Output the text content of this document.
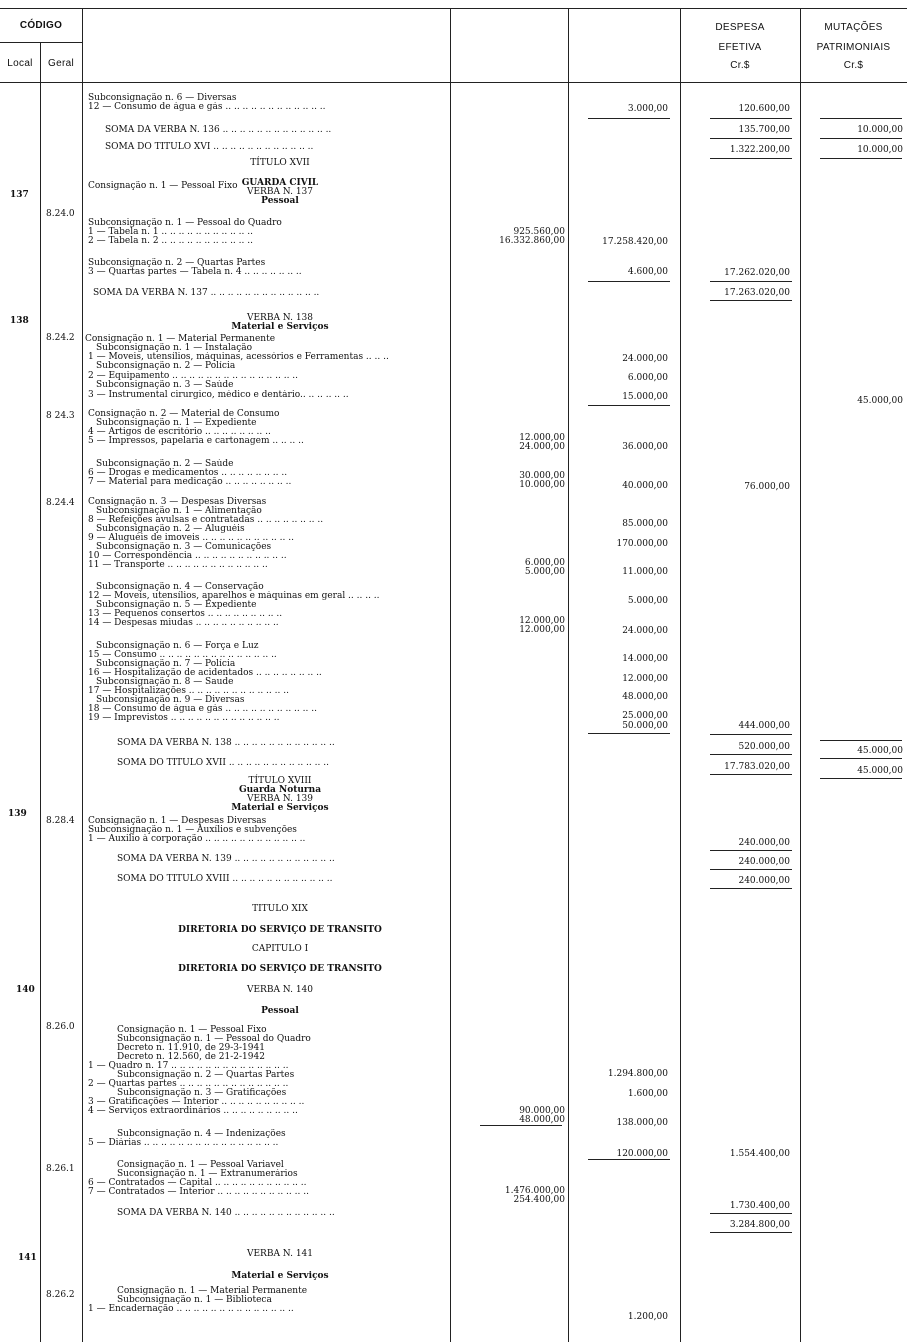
CÓDIGO
Local	Geral
DESPESA
EFETIVA
Cr.$
MUTAÇÕES
PATRIMONIAIS
Cr.$
137
138
139
140
141
8.24.0
8.24.2
8 24.3
8.24.4
8.28.4
8.26.0
8.26.1
8.26.2
Subconsignação n. 6 — Diversas
12 — Consumo de água e gás .. .. .. .. .. .. .. .. .. .. .. ..
SOMA DA VERBA N. 136 .. .. .. .. .. .. .. .. .. .. .. .. ..
SOMA DO TÍTULO XVI .. .. .. .. .. .. .. .. .. .. .. ..
Consignação n. 1 — Pessoal Fixo
Subconsignação n. 1 — Pessoal do Quadro
1 — Tabela n. 1 .. .. .. .. .. .. .. .. .. .. ..
2 — Tabela n. 2 .. .. .. .. .. .. .. .. .. .. ..
Subconsignação n. 2 — Quartas Partes
3 — Quartas partes — Tabela n. 4 .. .. .. .. .. .. ..
SOMA DA VERBA N. 137 .. .. .. .. .. .. .. .. .. .. .. .. ..
Consignação n. 1 — Material Permanente
Subconsignação n. 1 — Instalação
1 — Moveis, utensílios, máquinas, acessórios e Ferramentas .. .. ..
Subconsignação n. 2 — Polícia
2 — Equipamento .. .. .. .. .. .. .. .. .. .. .. .. .. .. ..
Subconsignação n. 3 — Saúde
3 — Instrumental cirurgico, médico e dentário.. .. .. .. .. ..
Consignação n. 2 — Material de Consumo
Subconsignação n. 1 — Expediente
4 — Artigos de escritório .. .. .. .. .. .. .. ..
5 — Impressos, papelaria e cartonagem .. .. .. ..
Subconsignação n. 2 — Saúde
6 — Drogas e medicamentos .. .. .. .. .. .. .. ..
7 — Material para medicação .. .. .. .. .. .. .. ..
Consignação n. 3 — Despesas Diversas
Subconsignação n. 1 — Alimentação
8 — Refeições avulsas e contratadas .. .. .. .. .. .. .. ..
Subconsignação n. 2 — Aluguéis
9 — Aluguéis de imoveis .. .. .. .. .. .. .. .. .. .. ..
Subconsignação n. 3 — Comunicações
10 — Correspondência .. .. .. .. .. .. .. .. .. .. ..
11 — Transporte .. .. .. .. .. .. .. .. .. .. .. ..
Subconsignação n. 4 — Conservação
12 — Moveis, utensílios, aparelhos e máquinas em geral .. .. .. ..
Subconsignação n. 5 — Expediente
13 — Pequenos consertos .. .. .. .. .. .. .. .. ..
14 — Despesas miudas .. .. .. .. .. .. .. .. .. ..
Subconsignação n. 6 — Força e Luz
15 — Consumo .. .. .. .. .. .. .. .. .. .. .. .. .. ..
Subconsignação n. 7 — Polícia
16 — Hospitalização de acidentados .. .. .. .. .. .. .. ..
Subconsignação n. 8 — Saude
17 — Hospitalizações .. .. .. .. .. .. .. .. .. .. .. ..
Subconsignação n. 9 — Diversas
18 — Consumo de água e gás .. .. .. .. .. .. .. .. .. .. ..
19 — Imprevistos .. .. .. .. .. .. .. .. .. .. .. .. ..
SOMA DA VERBA N. 138 .. .. .. .. .. .. .. .. .. .. .. ..
SOMA DO TÍTULO XVII .. .. .. .. .. .. .. .. .. .. .. ..
Consignação n. 1 — Despesas Diversas
Subconsignação n. 1 — Auxílios e subvenções
1 — Auxilio à corporação .. .. .. .. .. .. .. .. .. .. .. ..
SOMA DA VERBA N. 139 .. .. .. .. .. .. .. .. .. .. .. ..
SOMA DO TÍTULO XVIII .. .. .. .. .. .. .. .. .. .. .. ..
Consignação n. 1 — Pessoal Fixo
Subconsignação n. 1 — Pessoal do Quadro
Decreto n. 11.910, de 29-3-1941
Decreto n. 12.560, de 21-2-1942
1 — Quadro n. 17 .. .. .. .. .. .. .. .. .. .. .. .. .. ..
Subconsignação n. 2 — Quartas Partes
2 — Quartas partes .. .. .. .. .. .. .. .. .. .. .. .. ..
Subconsignação n. 3 — Gratificações
3 — Gratificações — Interior .. .. .. .. .. .. .. .. .. ..
4 — Serviços extraordinários .. .. .. .. .. .. .. .. ..
Subconsignação n. 4 — Indenizações
5 — Diárias .. .. .. .. .. .. .. .. .. .. .. .. .. .. .. ..
Consignação n. 1 — Pessoal Variavel
Suconsignação n. 1 — Extranumerários
6 — Contratados — Capital .. .. .. .. .. .. .. .. .. .. ..
7 — Contratados — Interior .. .. .. .. .. .. .. .. .. .. ..
SOMA DA VERBA N. 140 .. .. .. .. .. .. .. .. .. .. .. ..
Consignação n. 1 — Material Permanente
Subconsignação n. 1 — Biblioteca
1 — Encadernação .. .. .. .. .. .. .. .. .. .. .. .. .. ..
TÍTULO XVII
GUARDA CIVIL
VERBA N. 137
Pessoal
VERBA N. 138
Material e Serviços
TÍTULO XVIII
Guarda Noturna
VERBA N. 139
Material e Serviços
TITULO XIX
DIRETORIA DO SERVIÇO DE TRANSITO
CAPITULO I
DIRETORIA DO SERVIÇO DE TRANSITO
VERBA N. 140
Pessoal
VERBA N. 141
Material e Serviços
925.560,00
16.332.860,00
12.000,00
24.000,00
30.000,00
10.000,00
6.000,00
5.000,00
12.000,00
12.000,00
90.000,00
48.000,00
1.476.000,00
254.400,00
3.000,00
17.258.420,00
4.600,00
24.000,00
6.000,00
15.000,00
36.000,00
40.000,00
85.000,00
170.000,00
11.000,00
5.000,00
24.000,00
14.000,00
12.000,00
48.000,00
25.000,00
50.000,00
1.294.800,00
1.600,00
138.000,00
120.000,00
1.200,00
120.600,00
135.700,00
1.322.200,00
17.262.020,00
17.263.020,00
76.000,00
444.000,00
520.000,00
17.783.020,00
240.000,00
240.000,00
240.000,00
1.554.400,00
1.730.400,00
3.284.800,00
10.000,00
10.000,00
45.000,00
45.000,00
45.000,00
